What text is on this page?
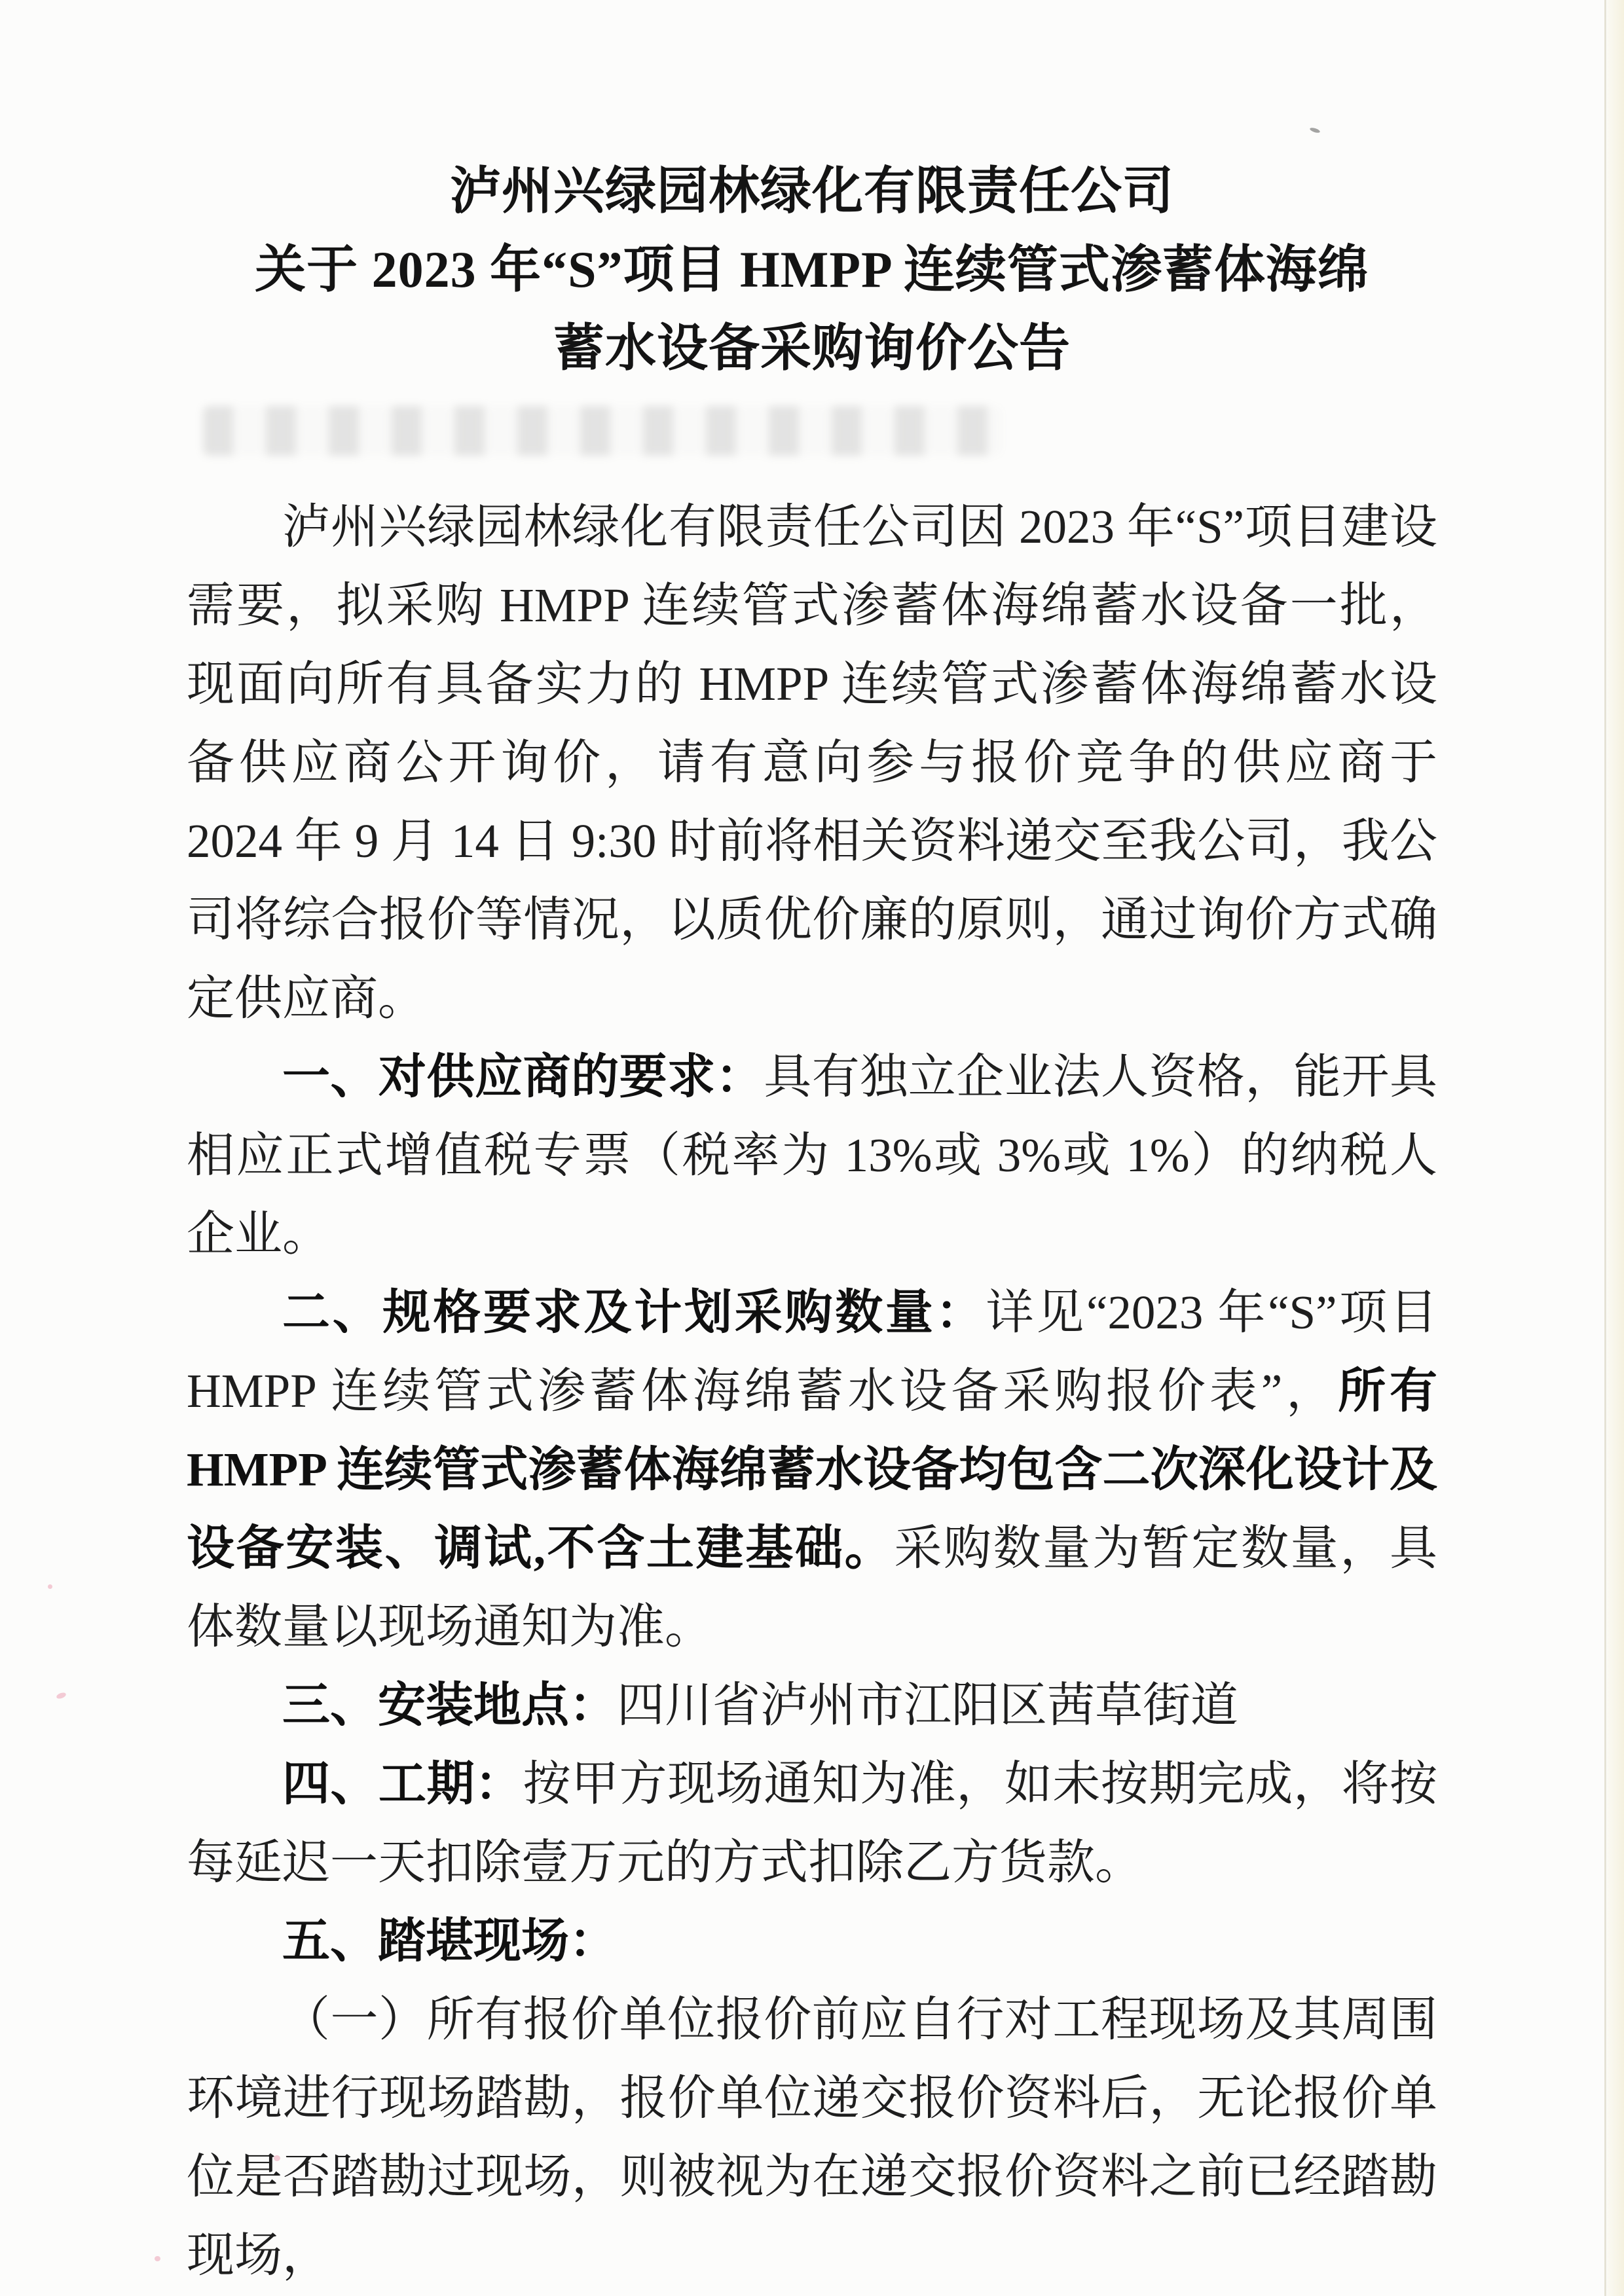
泸州兴绿园林绿化有限责任公司
关于 2023 年“S”项目 HMPP 连续管式渗蓄体海绵
蓄水设备采购询价公告

泸州兴绿园林绿化有限责任公司因 2023 年“S”项目建设需要，拟采购 HMPP 连续管式渗蓄体海绵蓄水设备一批，现面向所有具备实力的 HMPP 连续管式渗蓄体海绵蓄水设备供应商公开询价，请有意向参与报价竞争的供应商于 2024 年 9 月 14 日 9:30 时前将相关资料递交至我公司，我公司将综合报价等情况，以质优价廉的原则，通过询价方式确定供应商。

一、对供应商的要求：具有独立企业法人资格，能开具相应正式增值税专票（税率为 13%或 3%或 1%）的纳税人企业。

二、规格要求及计划采购数量：详见“2023 年“S”项目 HMPP 连续管式渗蓄体海绵蓄水设备采购报价表”，所有 HMPP 连续管式渗蓄体海绵蓄水设备均包含二次深化设计及设备安装、调试,不含土建基础。采购数量为暂定数量，具体数量以现场通知为准。

三、安装地点：四川省泸州市江阳区茜草街道

四、工期：按甲方现场通知为准，如未按期完成，将按每延迟一天扣除壹万元的方式扣除乙方货款。

五、踏堪现场：

（一）所有报价单位报价前应自行对工程现场及其周围环境进行现场踏勘，报价单位递交报价资料后，无论报价单位是否踏勘过现场，则被视为在递交报价资料之前已经踏勘现场，
